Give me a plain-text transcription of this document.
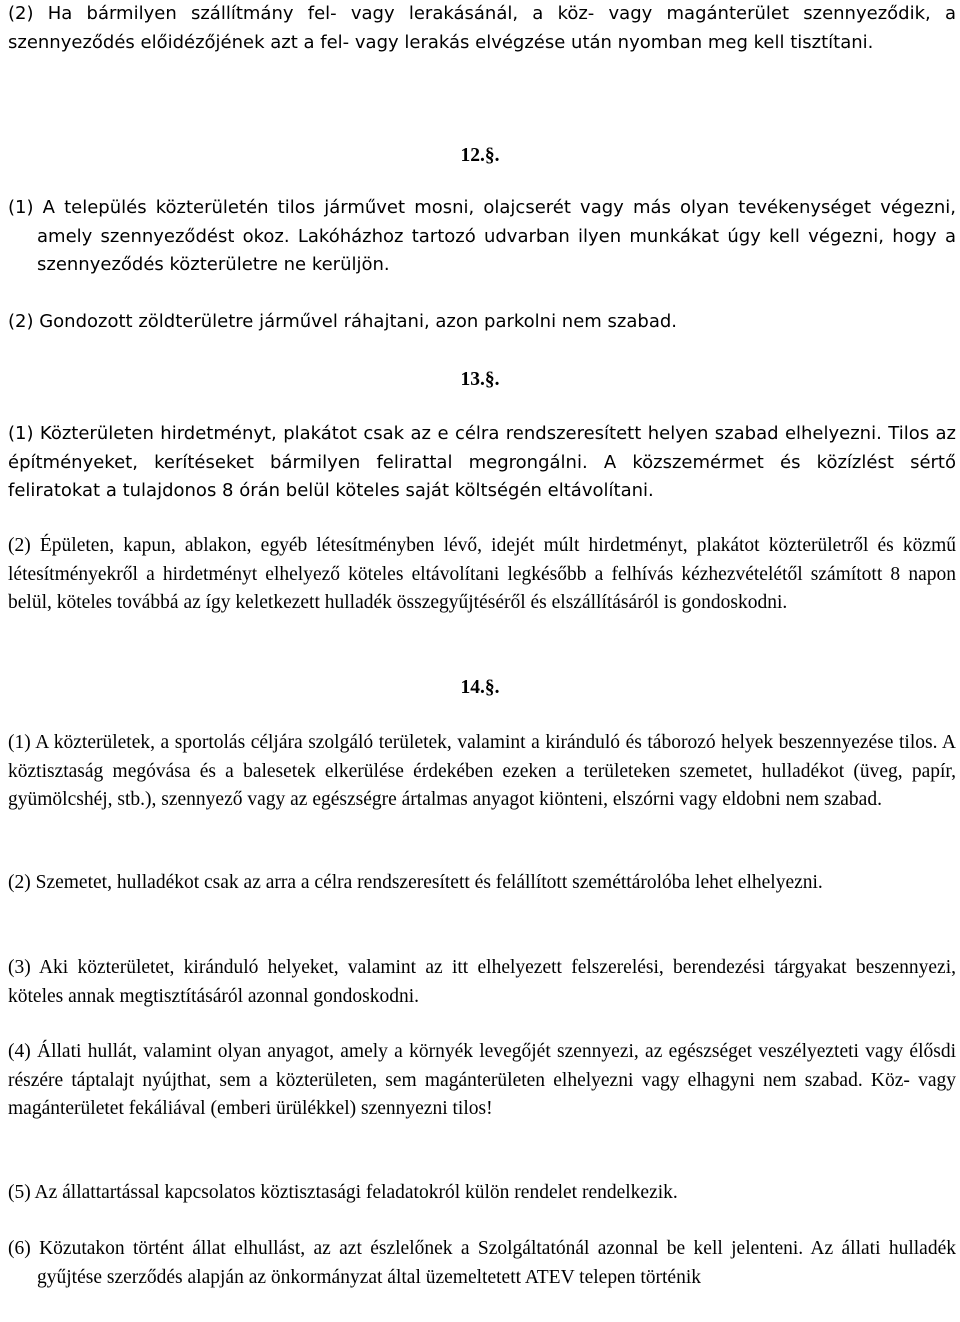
(2) Ha bármilyen szállítmány fel- vagy lerakásánál, a köz- vagy magánterület szennyeződik, a szennyeződés előidézőjének azt a fel- vagy lerakás elvégzése után nyomban meg kell tisztítani.
12.§.
(1) A település közterületén tilos járművet mosni, olajcserét vagy más olyan tevékenységet végezni, amely szennyeződést okoz. Lakóházhoz tartozó udvarban ilyen munkákat úgy kell végezni, hogy a szennyeződés közterületre ne kerüljön.
(2) Gondozott zöldterületre járművel ráhajtani, azon parkolni nem szabad.
13.§.
(1) Közterületen hirdetményt, plakátot csak az e célra rendszeresített helyen szabad elhelyezni. Tilos az építményeket, kerítéseket bármilyen felirattal megrongálni. A közszemérmet és közízlést sértő feliratokat a tulajdonos 8 órán belül köteles saját költségén eltávolítani.
(2) Épületen, kapun, ablakon, egyéb létesítményben lévő, idejét múlt hirdetményt, plakátot közterületről és közmű létesítményekről a hirdetményt elhelyező köteles eltávolítani legkésőbb a felhívás kézhezvételétől számított 8 napon belül, köteles továbbá az így keletkezett hulladék összegyűjtéséről és elszállításáról is gondoskodni.
14.§.
(1) A közterületek, a sportolás céljára szolgáló területek, valamint a kiránduló és táborozó helyek beszennyezése tilos. A köztisztaság megóvása és a balesetek elkerülése érdekében ezeken a területeken szemetet, hulladékot (üveg, papír, gyümölcshéj, stb.), szennyező vagy az egészségre ártalmas anyagot kiönteni, elszórni vagy eldobni nem szabad.
(2) Szemetet, hulladékot csak az arra a célra rendszeresített és felállított szeméttárolóba lehet elhelyezni.
(3) Aki közterületet, kiránduló helyeket, valamint az itt elhelyezett felszerelési, berendezési tárgyakat beszennyezi, köteles annak megtisztításáról azonnal gondoskodni.
(4) Állati hullát, valamint olyan anyagot, amely a környék levegőjét szennyezi, az egészséget veszélyezteti vagy élősdi részére táptalajt nyújthat, sem a közterületen, sem magánterületen elhelyezni vagy elhagyni nem szabad. Köz- vagy magánterületet fekáliával (emberi ürülékkel) szennyezni tilos!
(5) Az állattartással kapcsolatos köztisztasági feladatokról külön rendelet rendelkezik.
(6) Közutakon történt állat elhullást, az azt észlelőnek a Szolgáltatónál azonnal be kell jelenteni. Az állati hulladék gyűjtése szerződés alapján az önkormányzat által üzemeltetett ATEV telepen történik
